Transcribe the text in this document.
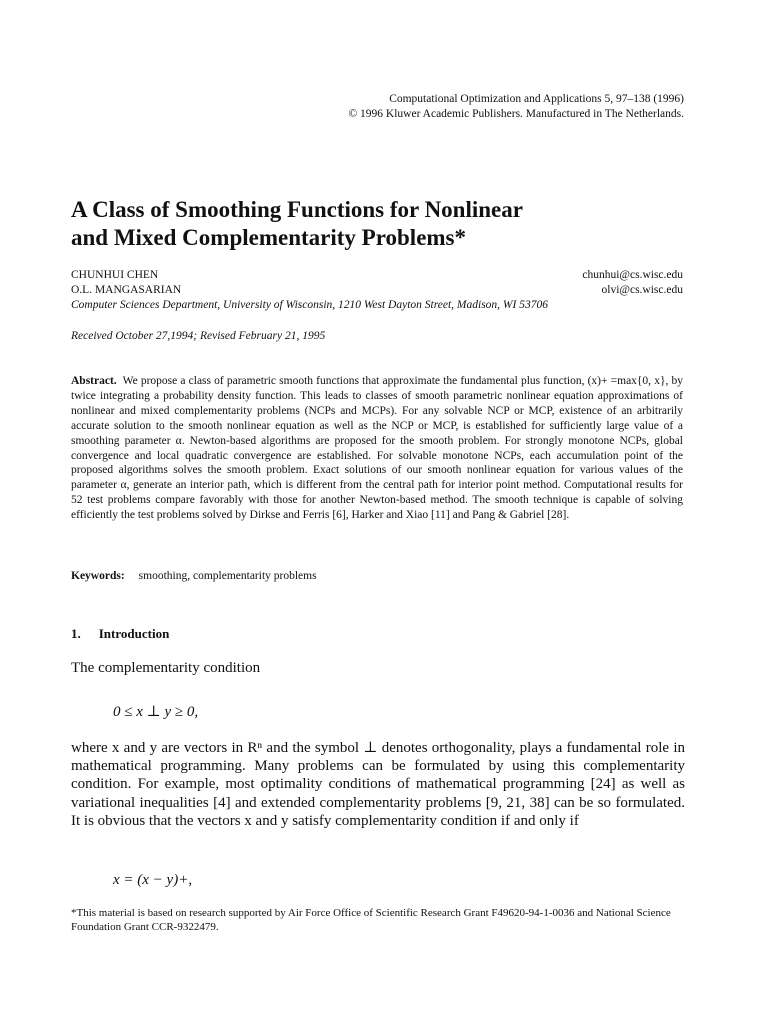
Computational Optimization and Applications 5, 97–138 (1996)
© 1996 Kluwer Academic Publishers. Manufactured in The Netherlands.
A Class of Smoothing Functions for Nonlinear
and Mixed Complementarity Problems*
CHUNHUI CHEN	chunhui@cs.wisc.edu
O.L. MANGASARIAN	olvi@cs.wisc.edu
Computer Sciences Department, University of Wisconsin, 1210 West Dayton Street, Madison, WI 53706
Received October 27,1994; Revised February 21, 1995
Abstract. We propose a class of parametric smooth functions that approximate the fundamental plus function, (x)+ =max{0, x}, by twice integrating a probability density function. This leads to classes of smooth parametric nonlinear equation approximations of nonlinear and mixed complementarity problems (NCPs and MCPs). For any solvable NCP or MCP, existence of an arbitrarily accurate solution to the smooth nonlinear equation as well as the NCP or MCP, is established for sufficiently large value of a smoothing parameter α. Newton-based algorithms are proposed for the smooth problem. For strongly monotone NCPs, global convergence and local quadratic convergence are established. For solvable monotone NCPs, each accumulation point of the proposed algorithms solves the smooth problem. Exact solutions of our smooth nonlinear equation for various values of the parameter α, generate an interior path, which is different from the central path for interior point method. Computational results for 52 test problems compare favorably with those for another Newton-based method. The smooth technique is capable of solving efficiently the test problems solved by Dirkse and Ferris [6], Harker and Xiao [11] and Pang & Gabriel [28].
Keywords: smoothing, complementarity problems
1. Introduction
The complementarity condition
0 ≤ x ⊥ y ≥ 0,
where x and y are vectors in Rⁿ and the symbol ⊥ denotes orthogonality, plays a fundamental role in mathematical programming. Many problems can be formulated by using this complementarity condition. For example, most optimality conditions of mathematical programming [24] as well as variational inequalities [4] and extended complementarity problems [9, 21, 38] can be so formulated. It is obvious that the vectors x and y satisfy complementarity condition if and only if
x = (x − y)+,
*This material is based on research supported by Air Force Office of Scientific Research Grant F49620-94-1-0036 and National Science Foundation Grant CCR-9322479.
